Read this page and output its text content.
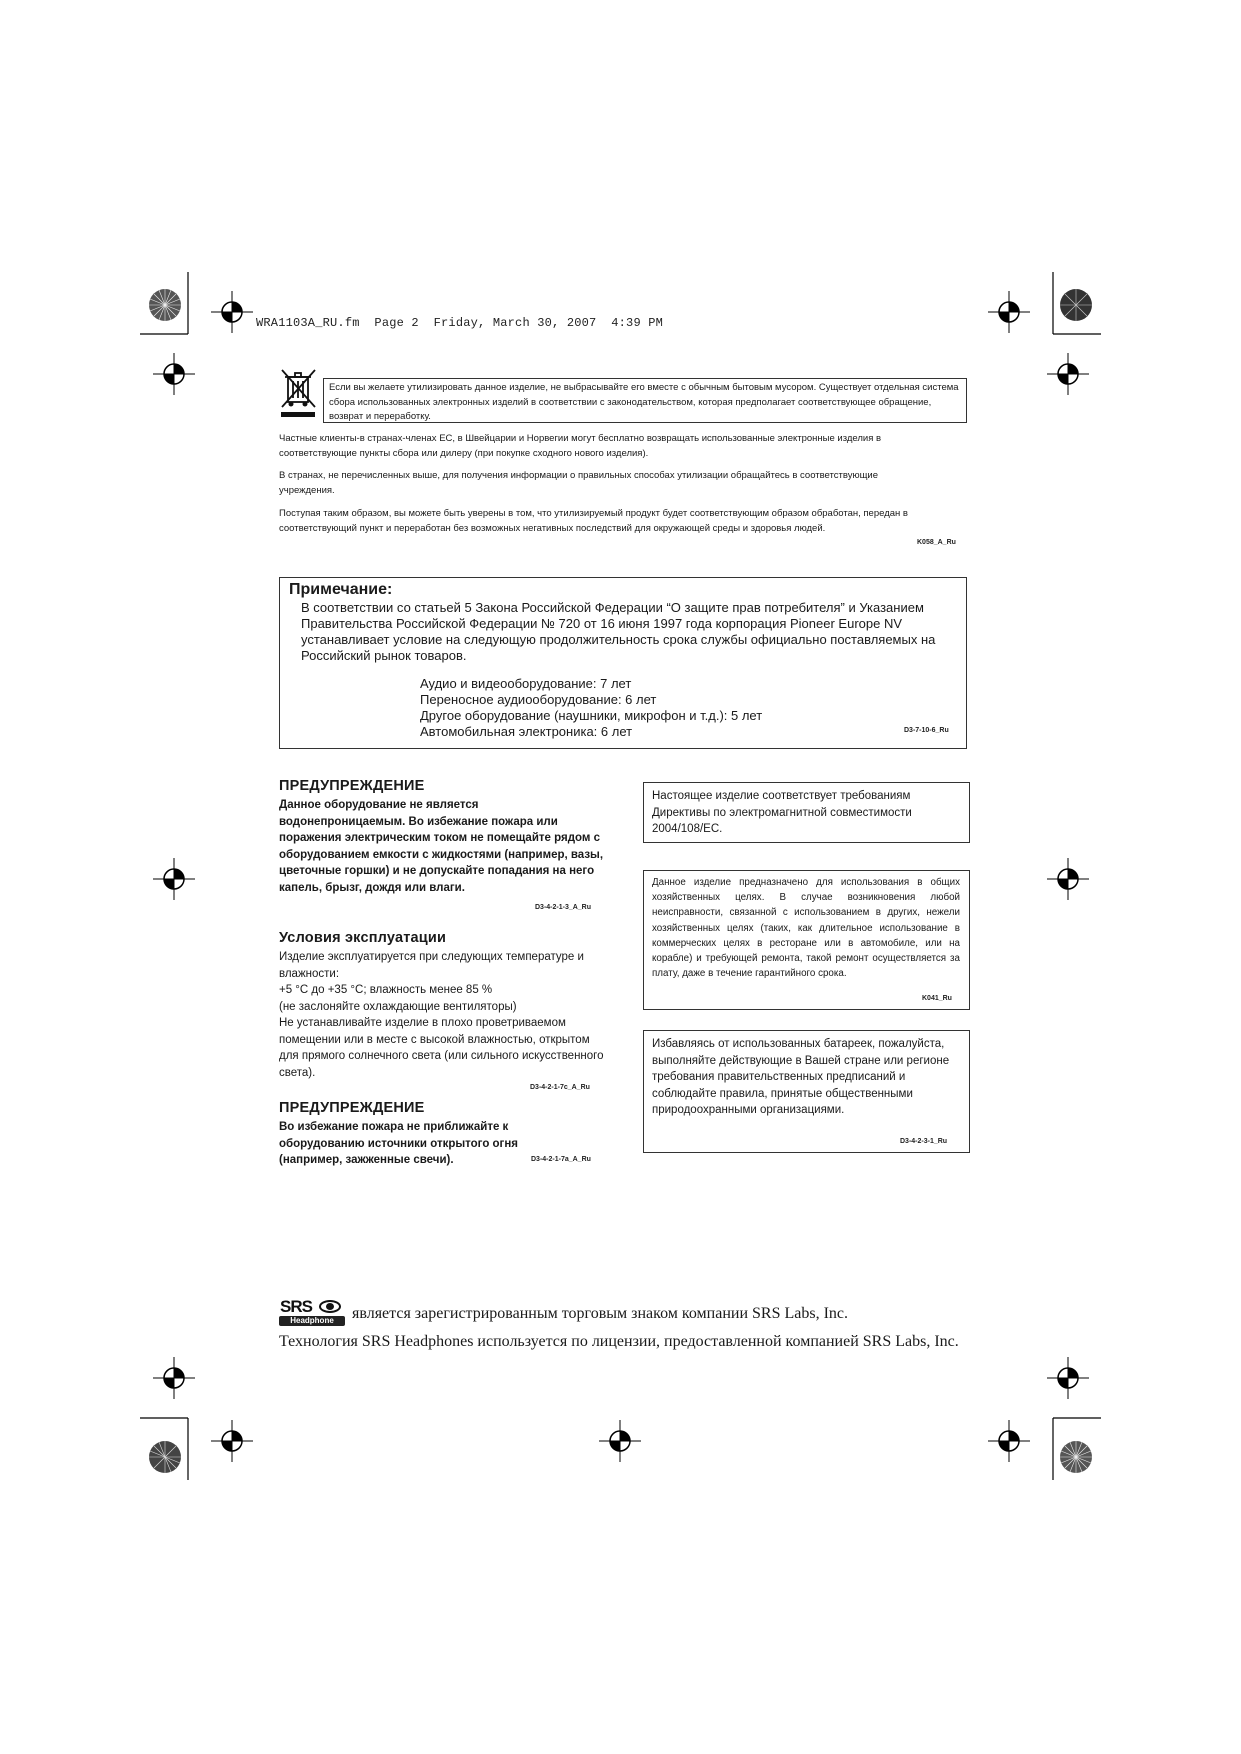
WRA1103A_RU.fm  Page 2  Friday, March 30, 2007  4:39 PM
Если вы желаете утилизировать данное изделие, не выбрасывайте его вместе с обычным бытовым мусором. Существует отдельная система сбора использованных электронных изделий в соответствии с законодательством, которая предполагает соответствующее обращение, возврат и переработку.
Частные клиенты-в странах-членах ЕС, в Швейцарии и Норвегии могут бесплатно возвращать использованные электронные изделия в соответствующие пункты сбора или дилеру (при покупке сходного нового изделия).
В странах, не перечисленных выше, для получения информации о правильных способах утилизации обращайтесь в соответствующие учреждения.
Поступая таким образом, вы можете быть уверены в том, что утилизируемый продукт будет соответствующим образом обработан, передан в соответствующий пункт и переработан без возможных негативных последствий для окружающей среды и здоровья людей.
K058_A_Ru
Примечание:
В соответствии со статьей 5 Закона Российской Федерации “О защите прав потребителя” и Указанием Правительства Российской Федерации № 720 от 16 июня 1997 года корпорация Pioneer Europe NV устанавливает условие на следующую продолжительность срока службы официально поставляемых на Российский рынок товаров.
Аудио и видеооборудование: 7 лет
Переносное аудиооборудование: 6 лет
Другое оборудование (наушники, микрофон и т.д.): 5 лет
Автомобильная электроника: 6 лет	D3-7-10-6_Ru
ПРЕДУПРЕЖДЕНИЕ
Данное оборудование не является водонепроницаемым. Во избежание пожара или поражения электрическим током не помещайте рядом с оборудованием емкости с жидкостями (например, вазы, цветочные горшки) и не допускайте попадания на него капель, брызг, дождя или влаги.
D3-4-2-1-3_A_Ru
Условия эксплуатации
Изделие эксплуатируется при следующих температуре и влажности:
+5 °C до +35 °C; влажность менее 85 %
(не заслоняйте охлаждающие вентиляторы)
Не устанавливайте изделие в плохо проветриваемом помещении или в месте с высокой влажностью, открытом для прямого солнечного света (или сильного искусственного света).
D3-4-2-1-7c_A_Ru
ПРЕДУПРЕЖДЕНИЕ
Во избежание пожара не приближайте к оборудованию источники открытого огня (например, зажженные свечи).	D3-4-2-1-7a_A_Ru
Настоящее изделие соответствует требованиям Директивы по электромагнитной совместимости 2004/108/EC.
Данное изделие предназначено для использования в общих хозяйственных целях. В случае возникновения любой неисправности, связанной с использованием в других, нежели хозяйственных целях (таких, как длительное использование в коммерческих целях в ресторане или в автомобиле, или на корабле) и требующей ремонта, такой ремонт осуществляется за плату, даже в течение гарантийного срока.
K041_Ru
Избавляясь от использованных батареек, пожалуйста, выполняйте действующие в Вашей стране или регионе требования правительственных предписаний и соблюдайте правила, принятые общественными природоохранными организациями.
D3-4-2-3-1_Ru
SRS
Headphone	является зарегистрированным торговым знаком компании SRS Labs, Inc.
Технология SRS Headphones используется по лицензии, предоставленной компанией SRS Labs, Inc.
